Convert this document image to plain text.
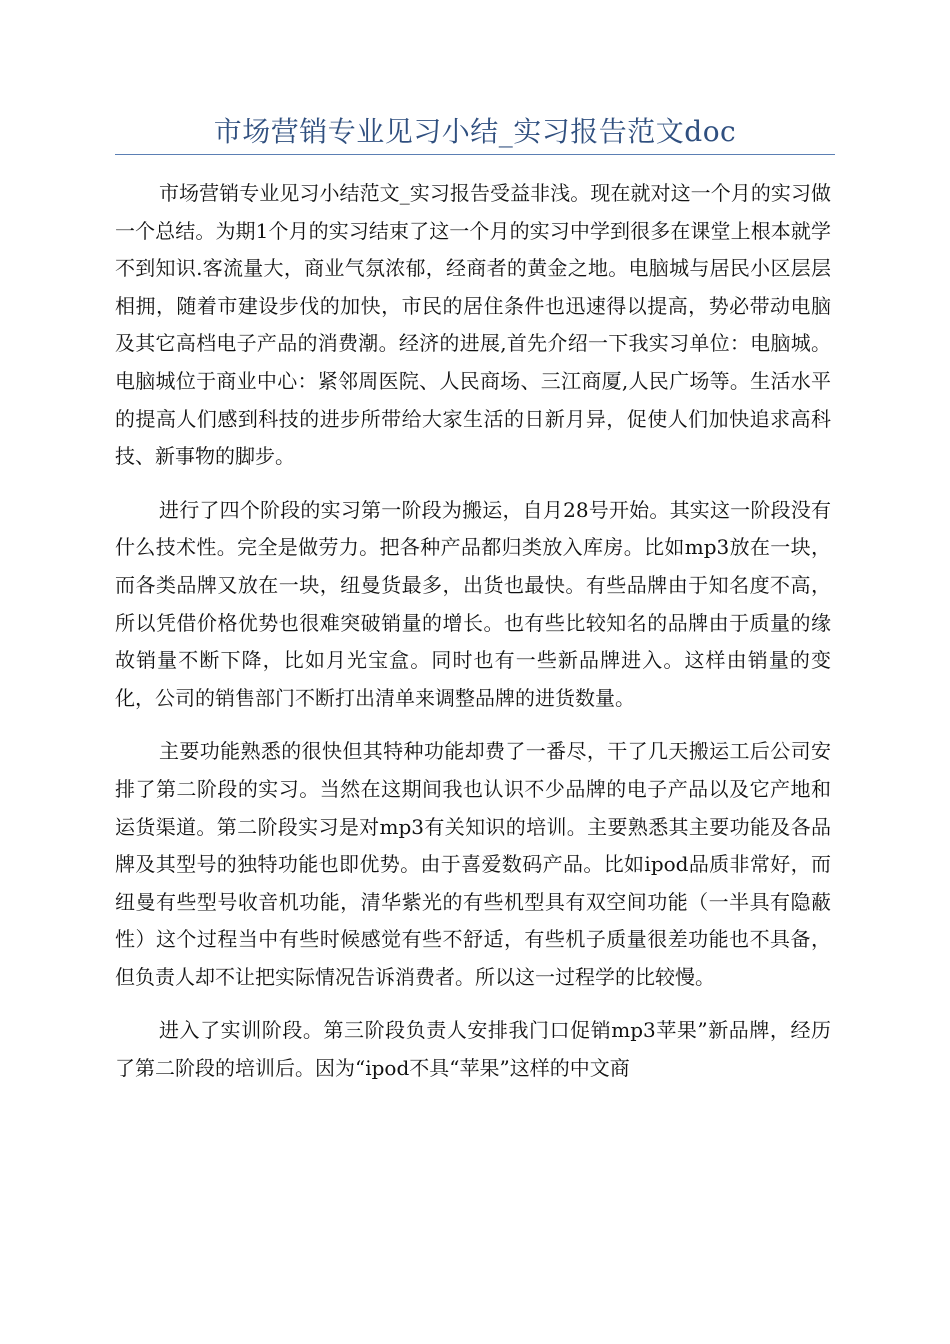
市场营销专业见习小结_实习报告范文doc

市场营销专业见习小结范文_实习报告受益非浅。现在就对这一个月的实习做一个总结。为期1个月的实习结束了这一个月的实习中学到很多在课堂上根本就学不到知识.客流量大，商业气氛浓郁，经商者的黄金之地。电脑城与居民小区层层相拥，随着市建设步伐的加快，市民的居住条件也迅速得以提高，势必带动电脑及其它高档电子产品的消费潮。经济的进展,首先介绍一下我实习单位：电脑城。电脑城位于商业中心：紧邻周医院、人民商场、三江商厦,人民广场等。生活水平的提高人们感到科技的进步所带给大家生活的日新月异，促使人们加快追求高科技、新事物的脚步。

进行了四个阶段的实习第一阶段为搬运，自月28号开始。其实这一阶段没有什么技术性。完全是做劳力。把各种产品都归类放入库房。比如mp3放在一块，而各类品牌又放在一块，纽曼货最多，出货也最快。有些品牌由于知名度不高，所以凭借价格优势也很难突破销量的增长。也有些比较知名的品牌由于质量的缘故销量不断下降，比如月光宝盒。同时也有一些新品牌进入。这样由销量的变化，公司的销售部门不断打出清单来调整品牌的进货数量。

主要功能熟悉的很快但其特种功能却费了一番尽，干了几天搬运工后公司安排了第二阶段的实习。当然在这期间我也认识不少品牌的电子产品以及它产地和运货渠道。第二阶段实习是对mp3有关知识的培训。主要熟悉其主要功能及各品牌及其型号的独特功能也即优势。由于喜爱数码产品。比如ipod品质非常好，而纽曼有些型号收音机功能，清华紫光的有些机型具有双空间功能（一半具有隐蔽性）这个过程当中有些时候感觉有些不舒适，有些机子质量很差功能也不具备，但负责人却不让把实际情况告诉消费者。所以这一过程学的比较慢。

进入了实训阶段。第三阶段负责人安排我门口促销mp3苹果”新品牌，经历了第二阶段的培训后。因为“ipod不具“苹果”这样的中文商
